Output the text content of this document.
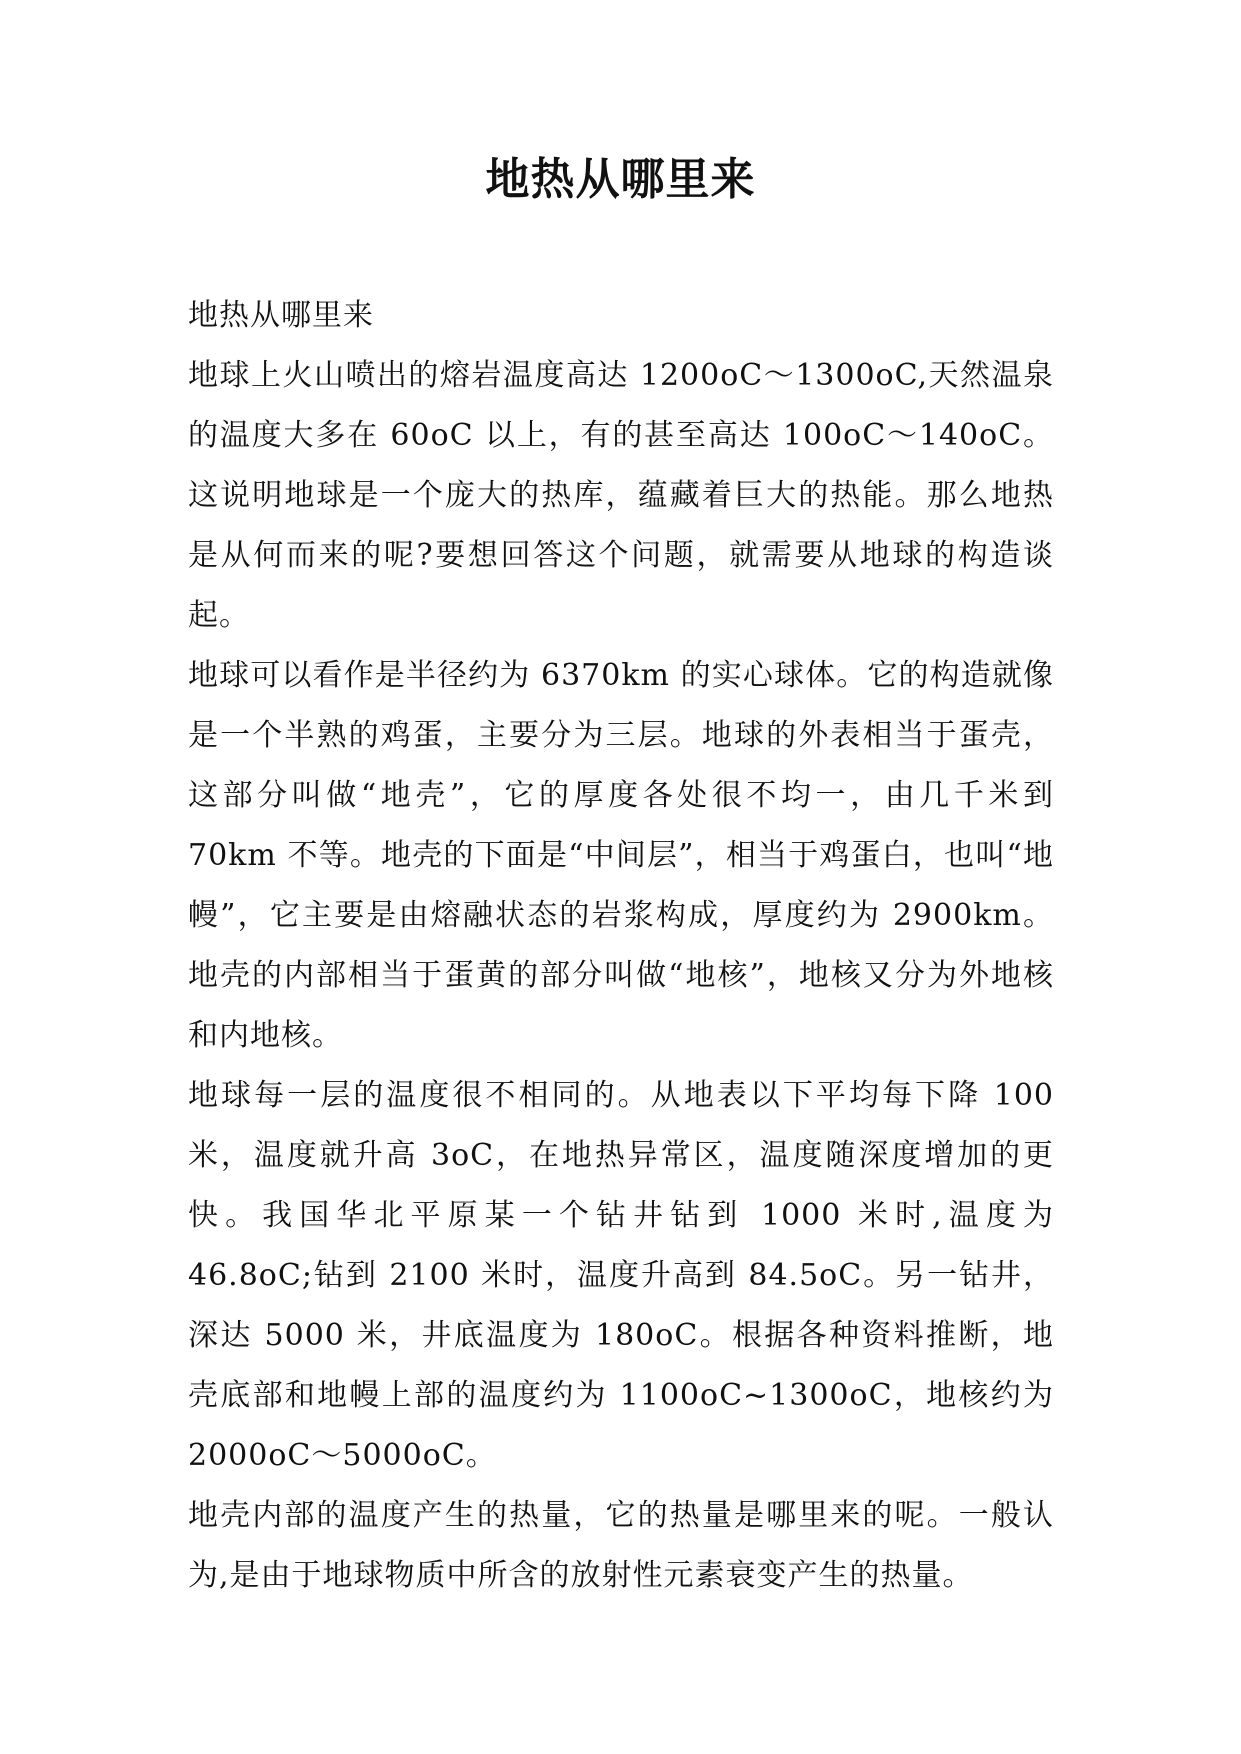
地热从哪里来

地热从哪里来

地球上火山喷出的熔岩温度高达 1200oC～1300oC,天然温泉的温度大多在 60oC 以上，有的甚至高达 100oC～140oC。这说明地球是一个庞大的热库，蕴藏着巨大的热能。那么地热是从何而来的呢?要想回答这个问题，就需要从地球的构造谈起。

地球可以看作是半径约为 6370km 的实心球体。它的构造就像是一个半熟的鸡蛋，主要分为三层。地球的外表相当于蛋壳，这部分叫做“地壳”，它的厚度各处很不均一，由几千米到 70km 不等。地壳的下面是“中间层”，相当于鸡蛋白，也叫“地幔”，它主要是由熔融状态的岩浆构成，厚度约为 2900km。地壳的内部相当于蛋黄的部分叫做“地核”，地核又分为外地核和内地核。

地球每一层的温度很不相同的。从地表以下平均每下降 100 米，温度就升高 3oC，在地热异常区，温度随深度增加的更快。我国华北平原某一个钻井钻到 1000 米时,温度为 46.8oC;钻到 2100 米时，温度升高到 84.5oC。另一钻井，深达 5000 米，井底温度为 180oC。根据各种资料推断，地壳底部和地幔上部的温度约为 1100oC~1300oC，地核约为 2000oC～5000oC。

地壳内部的温度产生的热量，它的热量是哪里来的呢。一般认为,是由于地球物质中所含的放射性元素衰变产生的热量。
